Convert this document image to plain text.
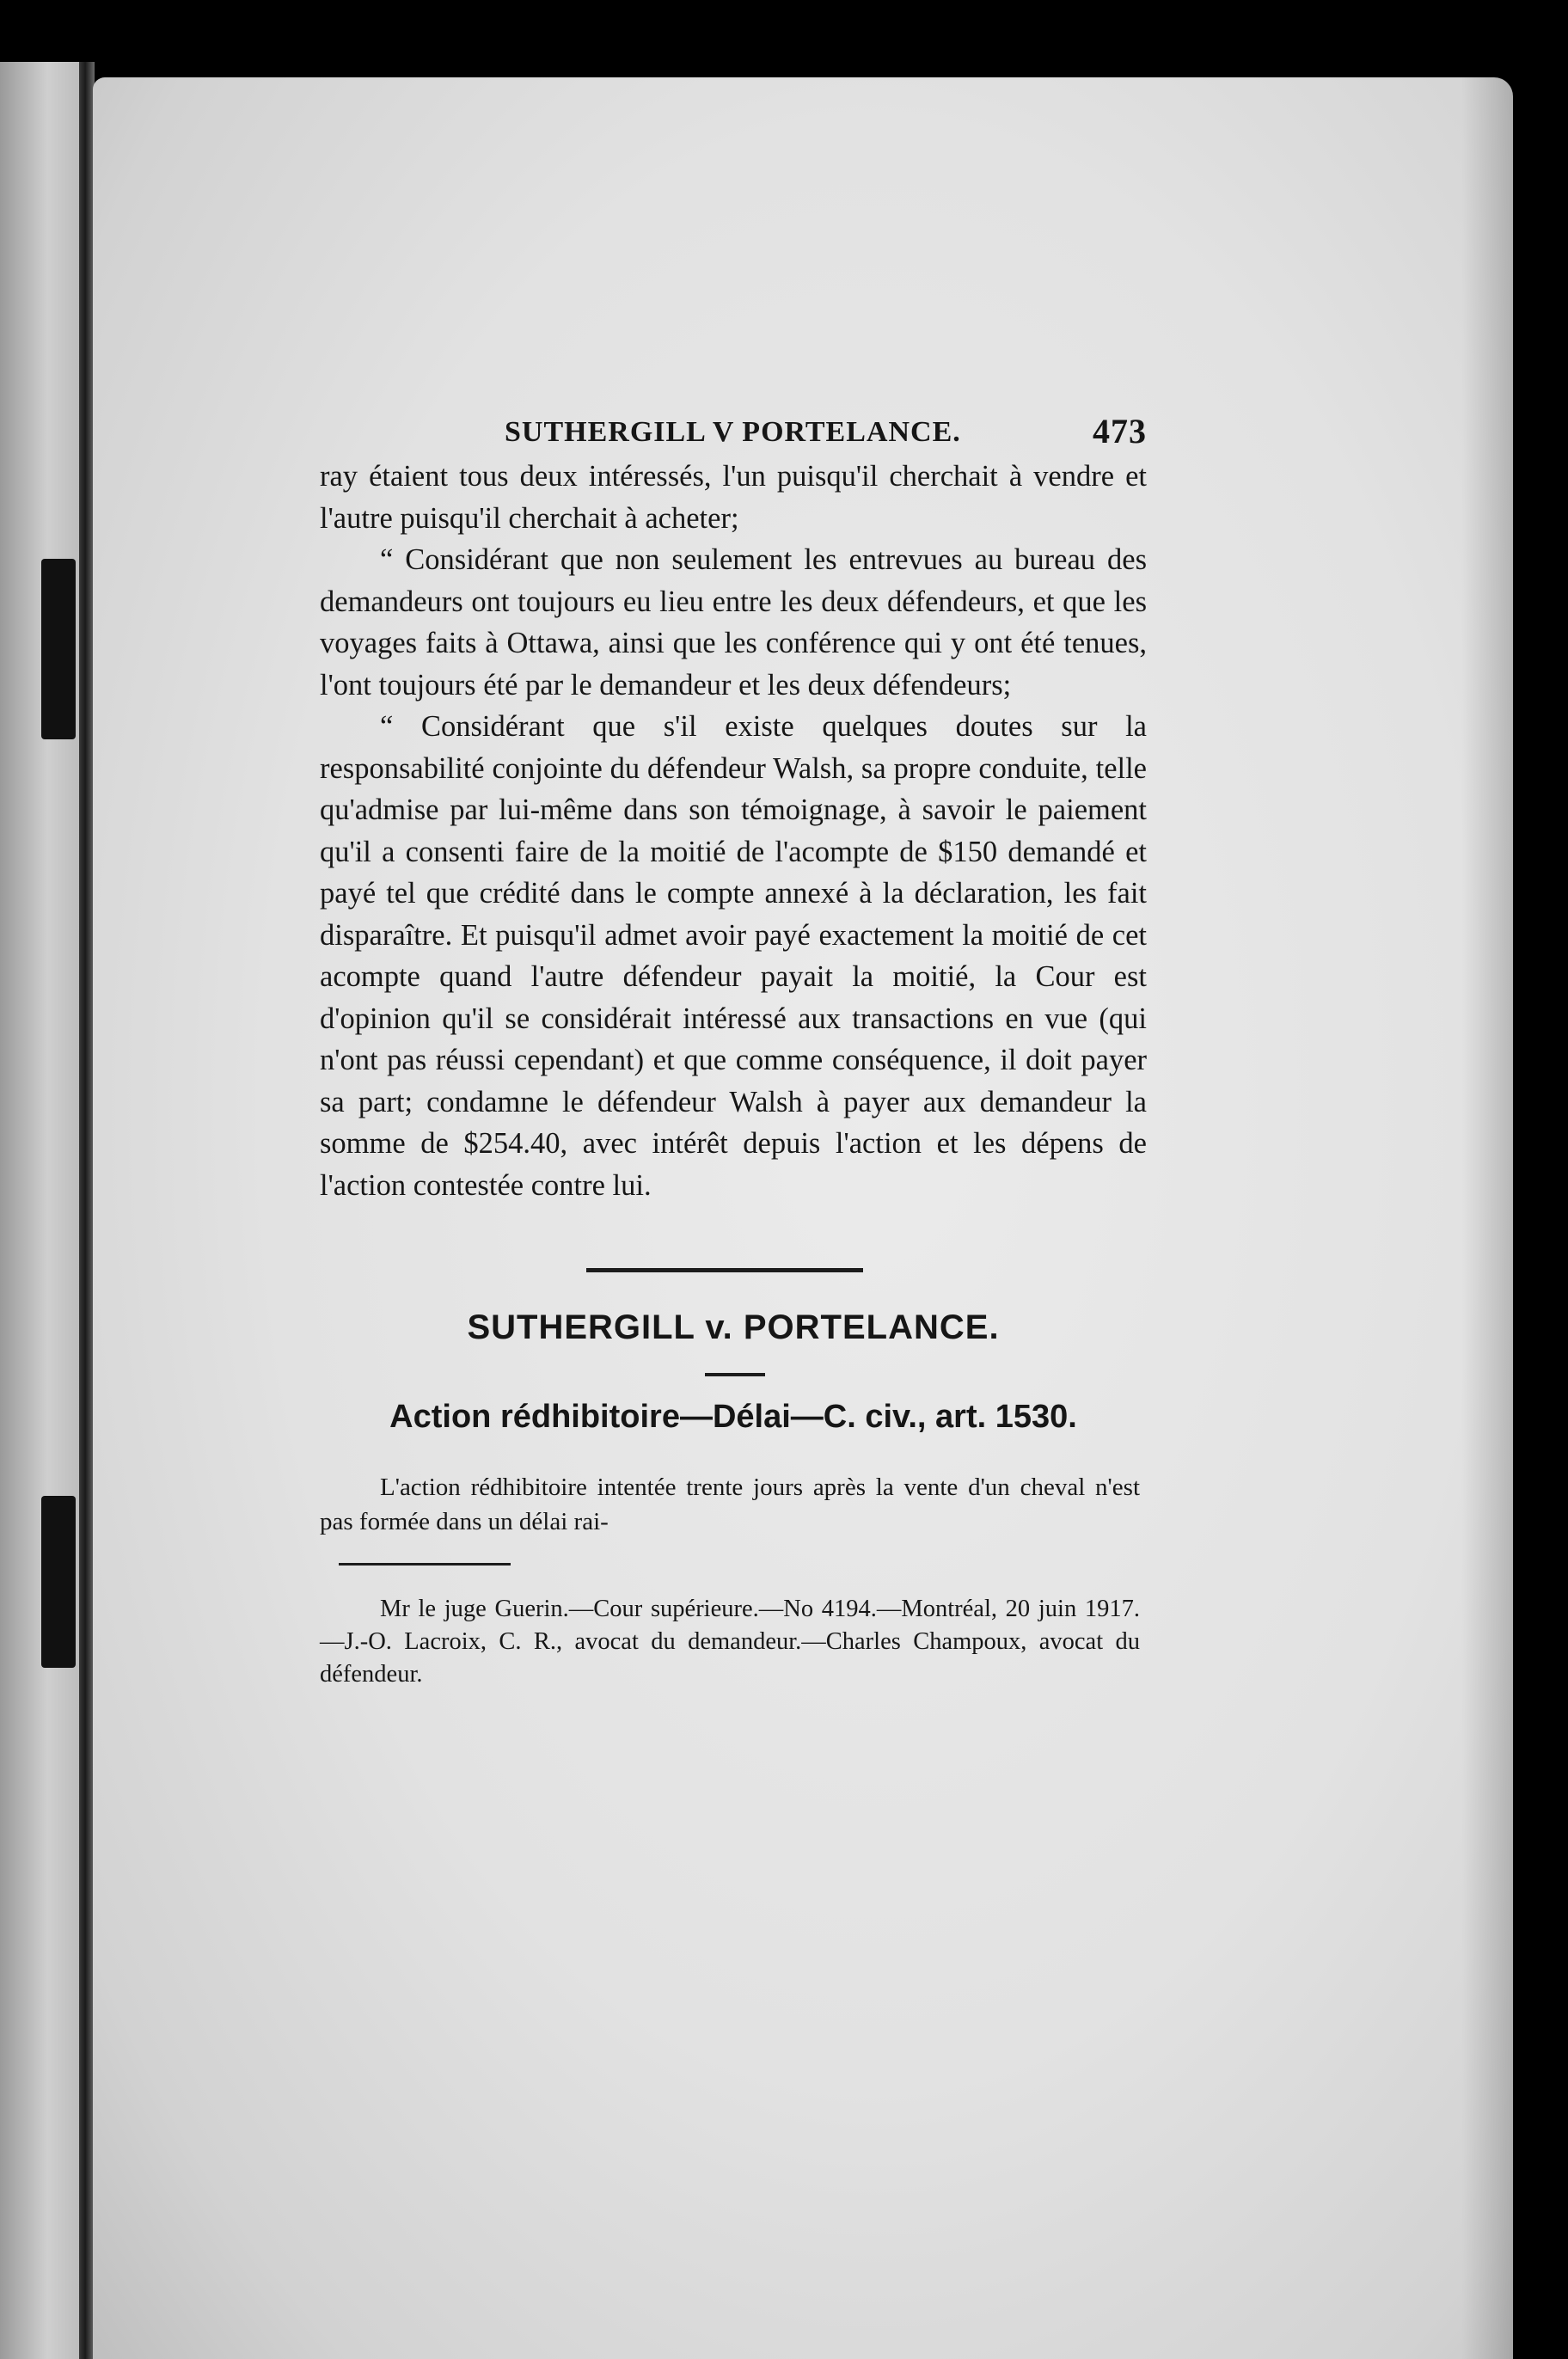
SUTHERGILL V PORTELANCE.	473

ray étaient tous deux intéressés, l'un puisqu'il cherchait à vendre et l'autre puisqu'il cherchait à acheter;

“ Considérant que non seulement les entrevues au bureau des demandeurs ont toujours eu lieu entre les deux défendeurs, et que les voyages faits à Ottawa, ainsi que les conférence qui y ont été tenues, l'ont toujours été par le demandeur et les deux défendeurs;

“ Considérant que s'il existe quelques doutes sur la responsabilité conjointe du défendeur Walsh, sa propre conduite, telle qu'admise par lui-même dans son témoignage, à savoir le paiement qu'il a consenti faire de la moitié de l'acompte de $150 demandé et payé tel que crédité dans le compte annexé à la déclaration, les fait disparaître. Et puisqu'il admet avoir payé exactement la moitié de cet acompte quand l'autre défendeur payait la moitié, la Cour est d'opinion qu'il se considérait intéressé aux transactions en vue (qui n'ont pas réussi cependant) et que comme conséquence, il doit payer sa part; condamne le défendeur Walsh à payer aux demandeur la somme de $254.40, avec intérêt depuis l'action et les dépens de l'action contestée contre lui.

SUTHERGILL v. PORTELANCE.
Action rédhibitoire—Délai—C. civ., art. 1530.

L'action rédhibitoire intentée trente jours après la vente d'un cheval n'est pas formée dans un délai rai-

Mr le juge Guerin.—Cour supérieure.—No 4194.—Montréal, 20 juin 1917.—J.-O. Lacroix, C. R., avocat du demandeur.—Charles Champoux, avocat du défendeur.
